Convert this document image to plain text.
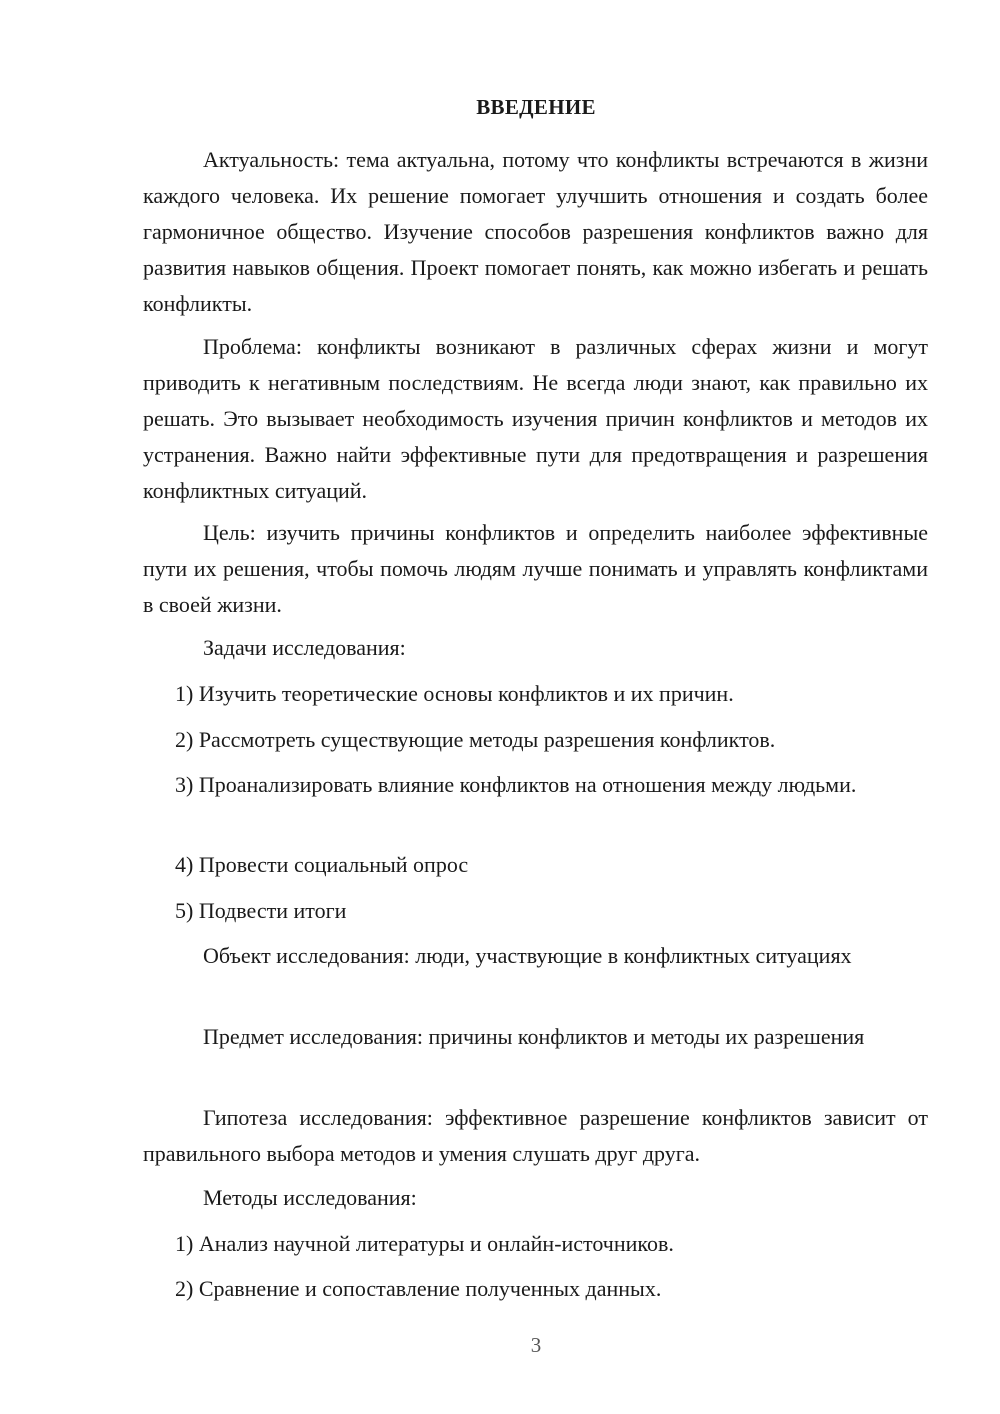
ВВЕДЕНИЕ

Актуальность: тема актуальна, потому что конфликты встречаются в жизни каждого человека. Их решение помогает улучшить отношения и создать более гармоничное общество. Изучение способов разрешения конфликтов важно для развития навыков общения. Проект помогает понять, как можно избегать и решать конфликты.

Проблема: конфликты возникают в различных сферах жизни и могут приводить к негативным последствиям. Не всегда люди знают, как правильно их решать. Это вызывает необходимость изучения причин конфликтов и методов их устранения. Важно найти эффективные пути для предотвращения и разрешения конфликтных ситуаций.

Цель: изучить причины конфликтов и определить наиболее эффективные пути их решения, чтобы помочь людям лучше понимать и управлять конфликтами в своей жизни.

Задачи исследования:

1) Изучить теоретические основы конфликтов и их причин.

2) Рассмотреть существующие методы разрешения конфликтов.

3) Проанализировать влияние конфликтов на отношения между людьми.

4) Провести социальный опрос

5) Подвести итоги

Объект исследования: люди, участвующие в конфликтных ситуациях

Предмет исследования: причины конфликтов и методы их разрешения

Гипотеза исследования: эффективное разрешение конфликтов зависит от правильного выбора методов и умения слушать друг друга.

Методы исследования:

1) Анализ научной литературы и онлайн-источников.

2) Сравнение и сопоставление полученных данных.

3
